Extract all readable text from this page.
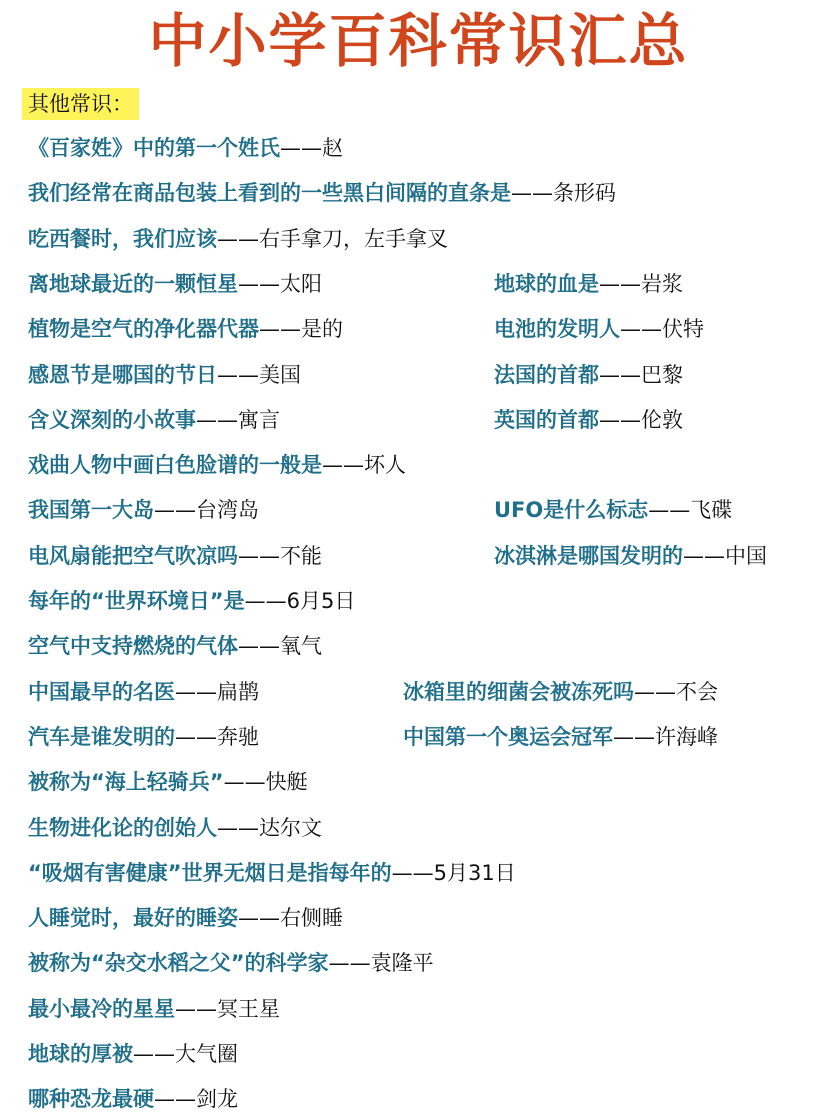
中小学百科常识汇总
其他常识：
《百家姓》中的第一个姓氏——赵
我们经常在商品包装上看到的一些黑白间隔的直条是——条形码
吃西餐时，我们应该——右手拿刀，左手拿叉
离地球最近的一颗恒星——太阳	地球的血是——岩浆
植物是空气的净化器代器——是的	电池的发明人——伏特
感恩节是哪国的节日——美国	法国的首都——巴黎
含义深刻的小故事——寓言	英国的首都——伦敦
戏曲人物中画白色脸谱的一般是——坏人
我国第一大岛——台湾岛	UFO是什么标志——飞碟
电风扇能把空气吹凉吗——不能	冰淇淋是哪国发明的——中国
每年的“世界环境日”是——6月5日
空气中支持燃烧的气体——氧气
中国最早的名医——扁鹊	冰箱里的细菌会被冻死吗——不会
汽车是谁发明的——奔驰	中国第一个奥运会冠军——许海峰
被称为“海上轻骑兵”——快艇
生物进化论的创始人——达尔文
“吸烟有害健康”世界无烟日是指每年的——5月31日
人睡觉时，最好的睡姿——右侧睡
被称为“杂交水稻之父”的科学家——袁隆平
最小最冷的星星——冥王星
地球的厚被——大气圈
哪种恐龙最硬——剑龙
